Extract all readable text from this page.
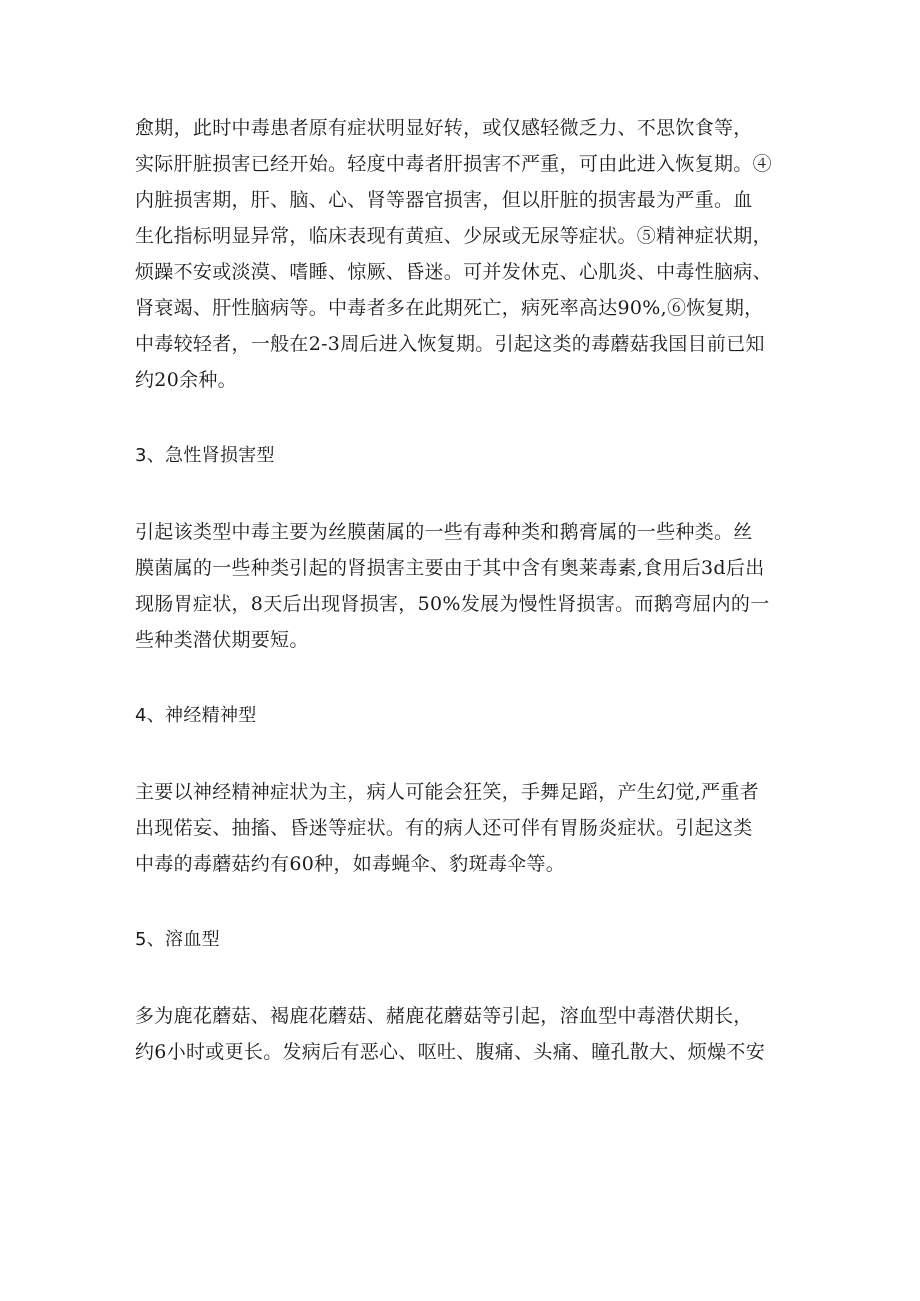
愈期，此时中毒患者原有症状明显好转，或仅感轻微乏力、不思饮食等，
实际肝脏损害已经开始。轻度中毒者肝损害不严重，可由此进入恢复期。④
内脏损害期，肝、脑、心、肾等器官损害，但以肝脏的损害最为严重。血
生化指标明显异常，临床表现有黄疸、少尿或无尿等症状。⑤精神症状期，
烦躁不安或淡漠、嗜睡、惊厥、昏迷。可并发休克、心肌炎、中毒性脑病、
肾衰竭、肝性脑病等。中毒者多在此期死亡，病死率高达90%,⑥恢复期，
中毒较轻者，一般在2-3周后进入恢复期。引起这类的毒蘑菇我国目前已知
约20余种。
3、急性肾损害型
引起该类型中毒主要为丝膜菌属的一些有毒种类和鹅膏属的一些种类。丝
膜菌属的一些种类引起的肾损害主要由于其中含有奥莱毒素,食用后3d后出
现肠胃症状，8天后出现肾损害，50%发展为慢性肾损害。而鹅弯屈内的一
些种类潜伏期要短。
4、神经精神型
主要以神经精神症状为主，病人可能会狂笑，手舞足蹈，产生幻觉,严重者
出现偌妄、抽搐、昏迷等症状。有的病人还可伴有胃肠炎症状。引起这类
中毒的毒蘑菇约有60种，如毒蝇伞、豹斑毒伞等。
5、溶血型
多为鹿花蘑菇、褐鹿花蘑菇、赭鹿花蘑菇等引起，溶血型中毒潜伏期长，
约6小时或更长。发病后有恶心、呕吐、腹痛、头痛、瞳孔散大、烦燥不安
